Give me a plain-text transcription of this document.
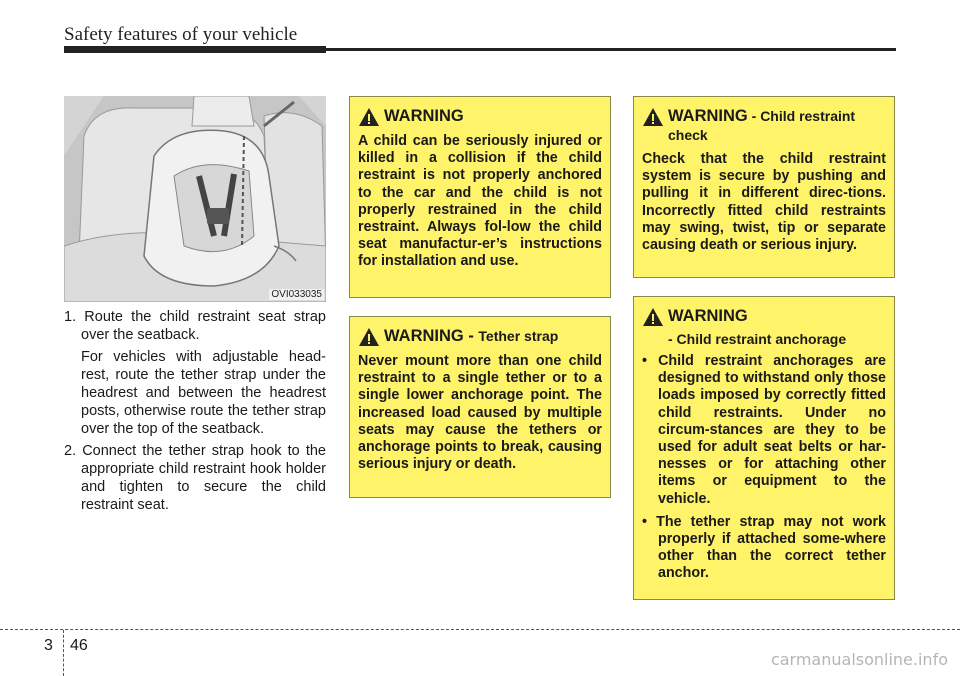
Safety features of your vehicle
OVI033035
1. Route the child restraint seat strap over the seatback.
For vehicles with adjustable head-rest, route the tether strap under the headrest and between the headrest posts, otherwise route the tether strap over the top of the seatback.
2. Connect the tether strap hook to the appropriate child restraint hook holder and tighten to secure the child restraint seat.
WARNING
A child can be seriously injured or killed in a collision if the child restraint is not properly anchored to the car and the child is not properly restrained in the child restraint. Always fol-low the child seat manufactur-er’s instructions for installation and use.
WARNING - Tether strap
Never mount more than one child restraint to a single tether or to a single lower anchorage point. The increased load caused by multiple seats may cause the tethers or anchorage points to break, causing serious injury or death.
WARNING - Child restraint check
Check that the child restraint system is secure by pushing and pulling it in different direc-tions. Incorrectly fitted child restraints may swing, twist, tip or separate causing death or serious injury.
WARNING
- Child restraint anchorage
• Child restraint anchorages are designed to withstand only those loads imposed by correctly fitted child restraints. Under no circum-stances are they to be used for adult seat belts or har-nesses or for attaching other items or equipment to the vehicle.
• The tether strap may not work properly if attached some-where other than the correct tether anchor.
3 46
carmanualsonline.info
